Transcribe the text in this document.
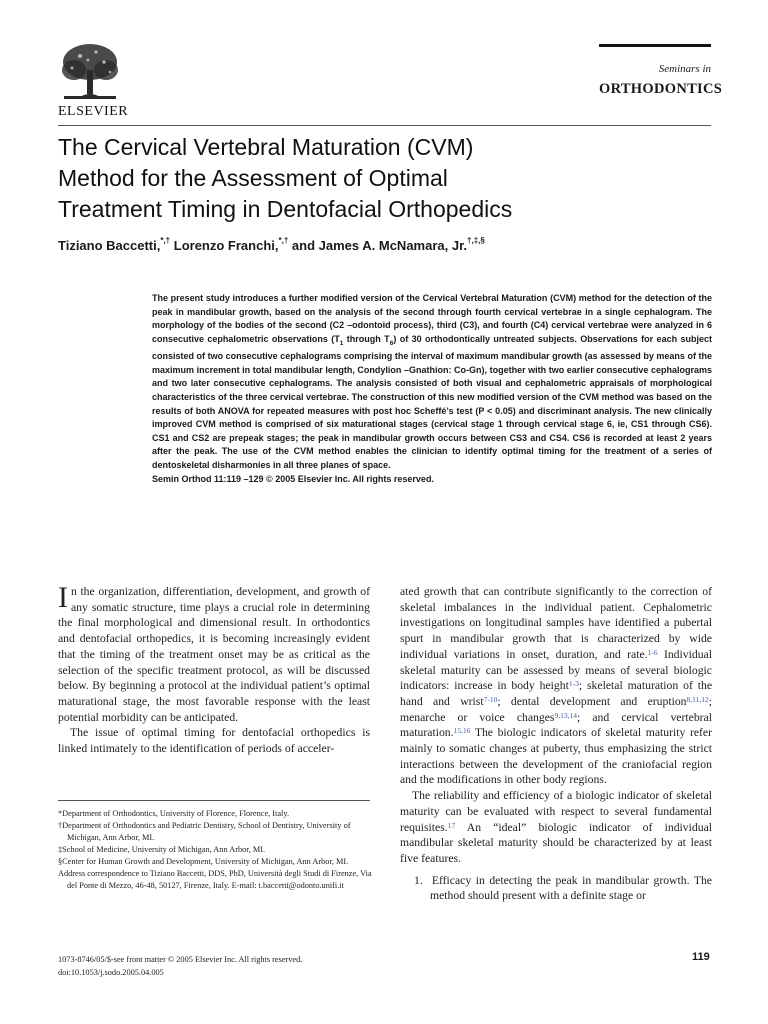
ELSEVIER
Seminars in
ORTHODONTICS
The Cervical Vertebral Maturation (CVM)
Method for the Assessment of Optimal
Treatment Timing in Dentofacial Orthopedics
Tiziano Baccetti,*,† Lorenzo Franchi,*,† and James A. McNamara, Jr.†,‡,§
The present study introduces a further modified version of the Cervical Vertebral Maturation (CVM) method for the detection of the peak in mandibular growth, based on the analysis of the second through fourth cervical vertebrae in a single cephalogram. The morphology of the bodies of the second (C2 –odontoid process), third (C3), and fourth (C4) cervical vertebrae were analyzed in 6 consecutive cephalometric observations ($T_1$ through $T_6$) of 30 orthodontically untreated subjects. Observations for each subject consisted of two consecutive cephalograms comprising the interval of maximum mandibular growth (as assessed by means of the maximum increment in total mandibular length, Condylion –Gnathion: Co-Gn), together with two earlier consecutive cephalograms and two later consecutive cephalograms. The analysis consisted of both visual and cephalometric appraisals of morphological characteristics of the three cervical vertebrae. The construction of this new modified version of the CVM method was based on the results of both ANOVA for repeated measures with post hoc Scheffé’s test (P < 0.05) and discriminant analysis. The new clinically improved CVM method is comprised of six maturational stages (cervical stage 1 through cervical stage 6, ie, CS1 through CS6). CS1 and CS2 are prepeak stages; the peak in mandibular growth occurs between CS3 and CS4. CS6 is recorded at least 2 years after the peak. The use of the CVM method enables the clinician to identify optimal timing for the treatment of a series of dentoskeletal disharmonies in all three planes of space.
Semin Orthod 11:119 –129 © 2005 Elsevier Inc. All rights reserved.

In the organization, differentiation, development, and growth of any somatic structure, time plays a crucial role in determining the final morphological and dimensional result. In orthodontics and dentofacial orthopedics, it is becoming increasingly evident that the timing of the treatment onset may be as critical as the selection of the specific treatment protocol, as will be discussed below. By beginning a protocol at the individual patient’s optimal maturational stage, the most favorable response with the least potential morbidity can be anticipated.

The issue of optimal timing for dentofacial orthopedics is linked intimately to the identification of periods of acceler-

ated growth that can contribute significantly to the correction of skeletal imbalances in the individual patient. Cephalometric investigations on longitudinal samples have identified a pubertal spurt in mandibular growth that is characterized by wide individual variations in onset, duration, and rate.$^{1-6}$ Individual skeletal maturity can be assessed by means of several biologic indicators: increase in body height$^{1-3}$; skeletal maturation of the hand and wrist$^{7-10}$; dental development and eruption$^{8,11,12}$; menarche or voice changes$^{9,13,14}$; and cervical vertebral maturation.$^{15,16}$ The biologic indicators of skeletal maturity refer mainly to somatic changes at puberty, thus emphasizing the strict interactions between the development of the craniofacial region and the modifications in other body regions.

The reliability and efficiency of a biologic indicator of skeletal maturity can be evaluated with respect to several fundamental requisites.$^{17}$ An “ideal” biologic indicator of individual mandibular skeletal maturity should be characterized by at least five features.

1. Efficacy in detecting the peak in mandibular growth. The method should present with a definite stage or
*Department of Orthodontics, University of Florence, Florence, Italy.
†Department of Orthodontics and Pediatric Dentistry, School of Dentistry, University of Michigan, Ann Arbor, MI.
‡School of Medicine, University of Michigan, Ann Arbor, MI.
§Center for Human Growth and Development, University of Michigan, Ann Arbor, MI.
Address correspondence to Tiziano Baccetti, DDS, PhD, Università degli Studi di Firenze, Via del Ponte di Mezzo, 46-48, 50127, Firenze, Italy. E-mail: t.baccetti@odonto.unifi.it
1073-8746/05/$-see front matter © 2005 Elsevier Inc. All rights reserved.
doi:10.1053/j.sodo.2005.04.005
119
